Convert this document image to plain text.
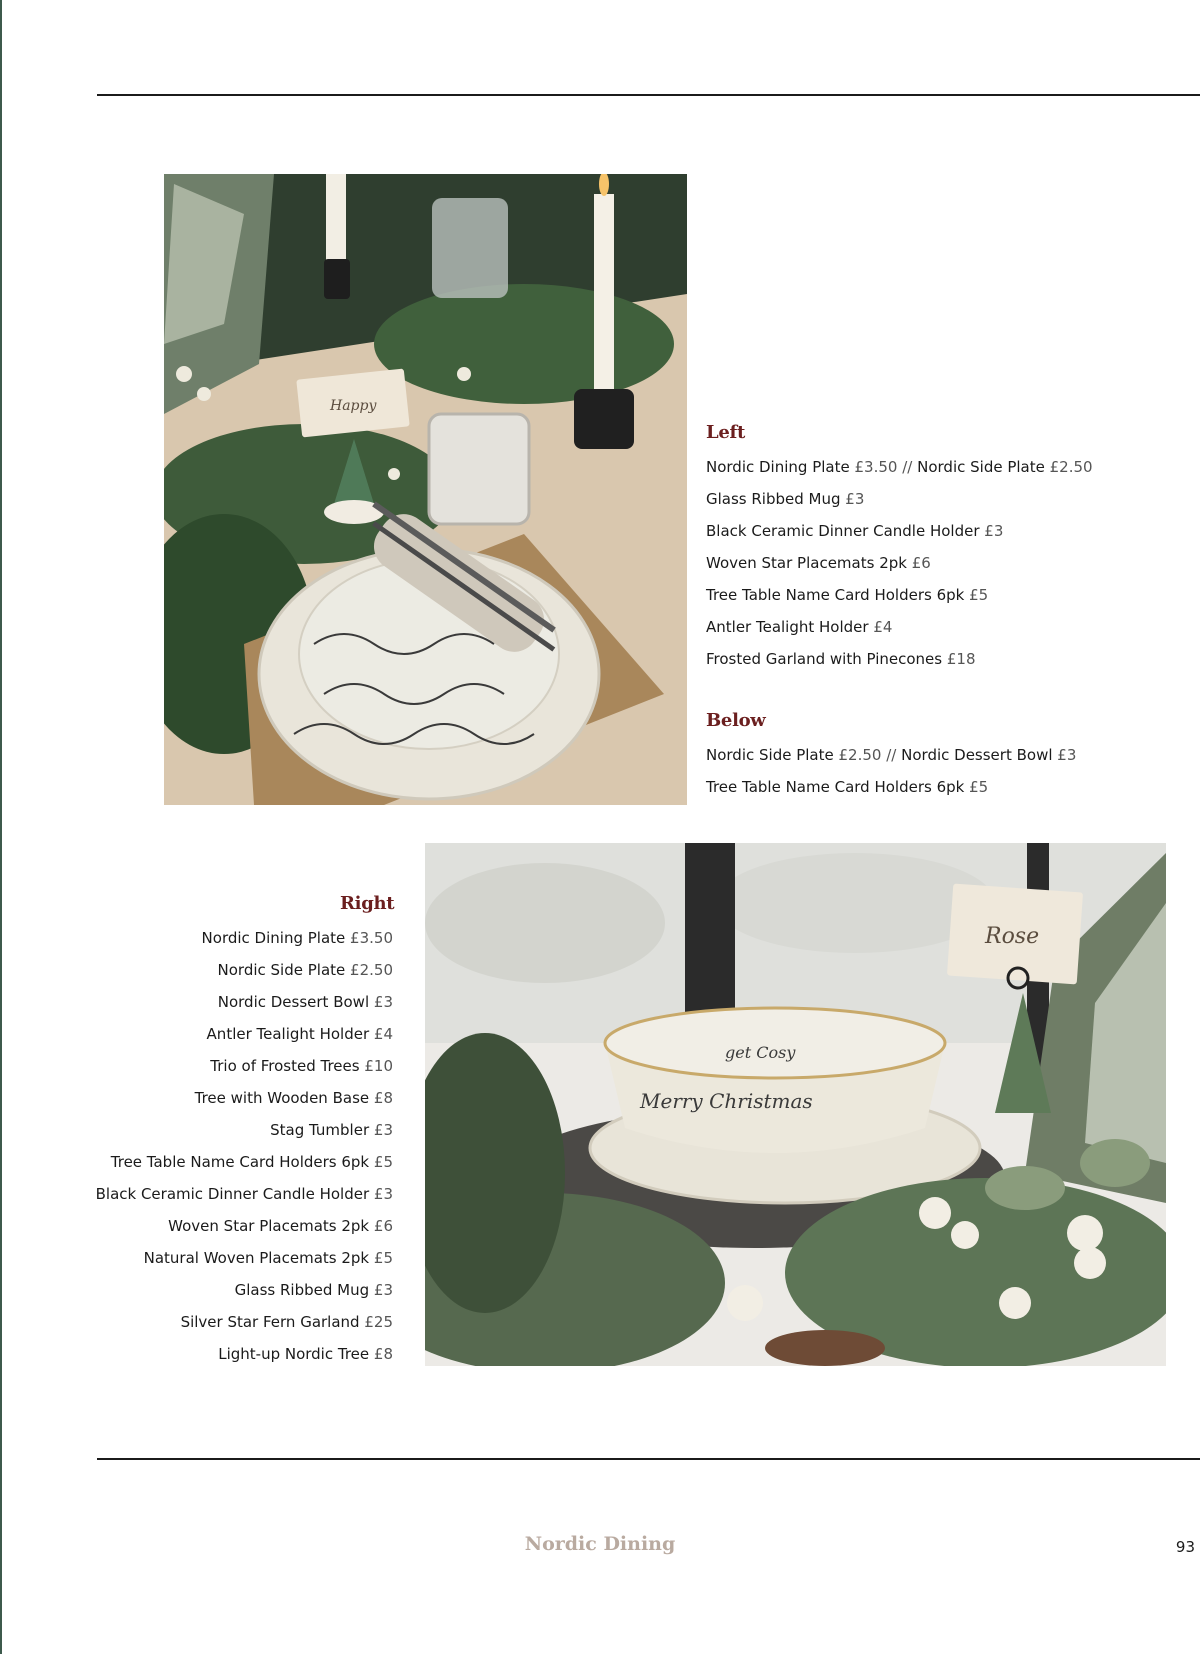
Happy
Left
Nordic Dining Plate £3.50 // Nordic Side Plate £2.50
Glass Ribbed Mug £3
Black Ceramic Dinner Candle Holder £3
Woven Star Placemats 2pk £6
Tree Table Name Card Holders 6pk £5
Antler Tealight Holder £4
Frosted Garland with Pinecones £18
Below
Nordic Side Plate £2.50 // Nordic Dessert Bowl £3
Tree Table Name Card Holders 6pk £5
Right
Nordic Dining Plate £3.50
Nordic Side Plate £2.50
Nordic Dessert Bowl £3
Antler Tealight Holder £4
Trio of Frosted Trees £10
Tree with Wooden Base £8
Stag Tumbler £3
Tree Table Name Card Holders 6pk £5
Black Ceramic Dinner Candle Holder £3
Woven Star Placemats 2pk £6
Natural Woven Placemats 2pk £5
Glass Ribbed Mug £3
Silver Star Fern Garland £25
Light-up Nordic Tree £8
Rose
get Cosy
Merry Christmas
Nordic Dining	93
